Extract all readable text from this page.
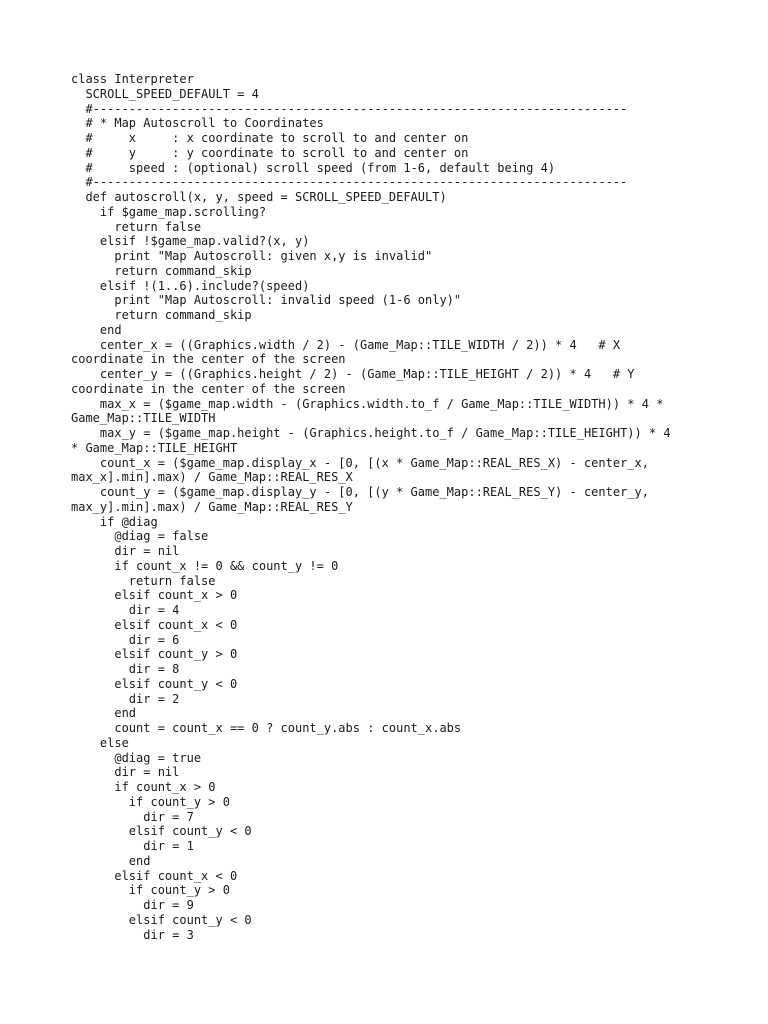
class Interpreter
SCROLL_SPEED_DEFAULT = 4
#--------------------------------------------------------------------------
# * Map Autoscroll to Coordinates
#     x     : x coordinate to scroll to and center on
#     y     : y coordinate to scroll to and center on
#     speed : (optional) scroll speed (from 1-6, default being 4)
#--------------------------------------------------------------------------
def autoscroll(x, y, speed = SCROLL_SPEED_DEFAULT)
if $game_map.scrolling?
return false
elsif !$game_map.valid?(x, y)
print "Map Autoscroll: given x,y is invalid"
return command_skip
elsif !(1..6).include?(speed)
print "Map Autoscroll: invalid speed (1-6 only)"
return command_skip
end
center_x = ((Graphics.width / 2) - (Game_Map::TILE_WIDTH / 2)) * 4   # X
coordinate in the center of the screen
center_y = ((Graphics.height / 2) - (Game_Map::TILE_HEIGHT / 2)) * 4   # Y
coordinate in the center of the screen
max_x = ($game_map.width - (Graphics.width.to_f / Game_Map::TILE_WIDTH)) * 4 *
Game_Map::TILE_WIDTH
max_y = ($game_map.height - (Graphics.height.to_f / Game_Map::TILE_HEIGHT)) * 4
* Game_Map::TILE_HEIGHT
count_x = ($game_map.display_x - [0, [(x * Game_Map::REAL_RES_X) - center_x,
max_x].min].max) / Game_Map::REAL_RES_X
count_y = ($game_map.display_y - [0, [(y * Game_Map::REAL_RES_Y) - center_y,
max_y].min].max) / Game_Map::REAL_RES_Y
if @diag
@diag = false
dir = nil
if count_x != 0 && count_y != 0
return false
elsif count_x > 0
dir = 4
elsif count_x < 0
dir = 6
elsif count_y > 0
dir = 8
elsif count_y < 0
dir = 2
end
count = count_x == 0 ? count_y.abs : count_x.abs
else
@diag = true
dir = nil
if count_x > 0
if count_y > 0
dir = 7
elsif count_y < 0
dir = 1
end
elsif count_x < 0
if count_y > 0
dir = 9
elsif count_y < 0
dir = 3
